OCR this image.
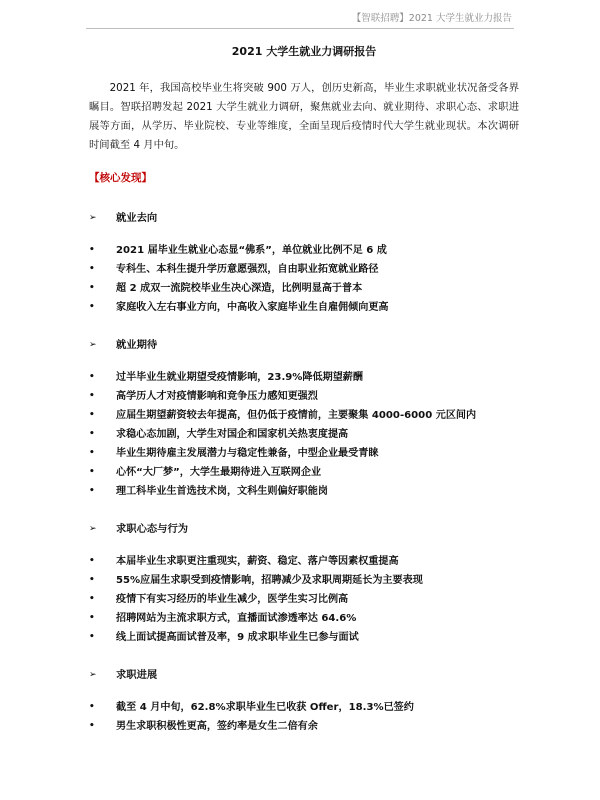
【智联招聘】2021 大学生就业力报告
2021 大学生就业力调研报告

2021 年，我国高校毕业生将突破 900 万人，创历史新高，毕业生求职就业状况备受各界瞩目。智联招聘发起 2021 大学生就业力调研，聚焦就业去向、就业期待、求职心态、求职进展等方面，从学历、毕业院校、专业等维度，全面呈现后疫情时代大学生就业现状。本次调研时间截至 4 月中旬。

【核心发现】
➢	就业去向
•	2021 届毕业生就业心态显“佛系”，单位就业比例不足 6 成
•	专科生、本科生提升学历意愿强烈，自由职业拓宽就业路径
•	超 2 成双一流院校毕业生决心深造，比例明显高于普本
•	家庭收入左右事业方向，中高收入家庭毕业生自雇佣倾向更高
➢	就业期待
•	过半毕业生就业期望受疫情影响，23.9%降低期望薪酬
•	高学历人才对疫情影响和竞争压力感知更强烈
•	应届生期望薪资较去年提高，但仍低于疫情前，主要聚集 4000-6000 元区间内
•	求稳心态加剧，大学生对国企和国家机关热衷度提高
•	毕业生期待雇主发展潜力与稳定性兼备，中型企业最受青睐
•	心怀“大厂梦”，大学生最期待进入互联网企业
•	理工科毕业生首选技术岗，文科生则偏好职能岗
➢	求职心态与行为
•	本届毕业生求职更注重现实，薪资、稳定、落户等因素权重提高
•	55%应届生求职受到疫情影响，招聘减少及求职周期延长为主要表现
•	疫情下有实习经历的毕业生减少，医学生实习比例高
•	招聘网站为主流求职方式，直播面试渗透率达 64.6%
•	线上面试提高面试普及率，9 成求职毕业生已参与面试
➢	求职进展
•	截至 4 月中旬，62.8%求职毕业生已收获 Offer，18.3%已签约
•	男生求职积极性更高，签约率是女生二倍有余
